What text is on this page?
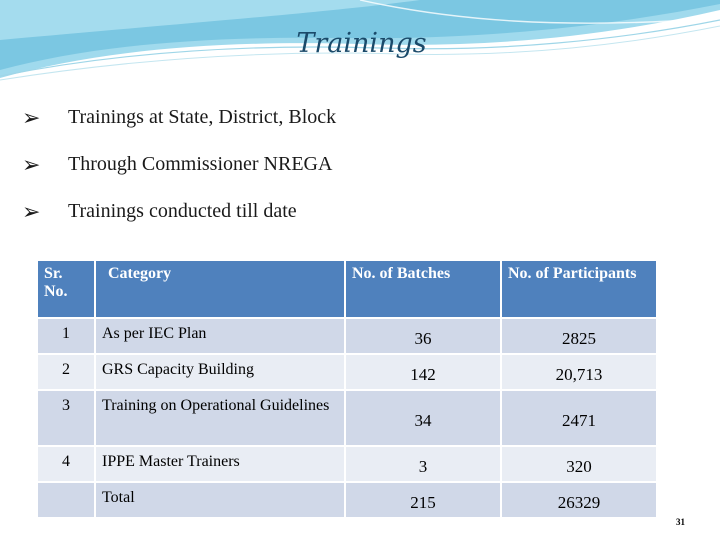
Trainings
➢	Trainings at State, District, Block
➢	Through Commissioner NREGA
➢	Trainings conducted till date
Sr. No.	Category	No. of Batches	No. of Participants
1	As per IEC Plan	36	2825
2	GRS Capacity Building	142	20,713
3	Training on Operational Guidelines	34	2471
4	IPPE Master Trainers	3	320
	Total	215	26329
31
